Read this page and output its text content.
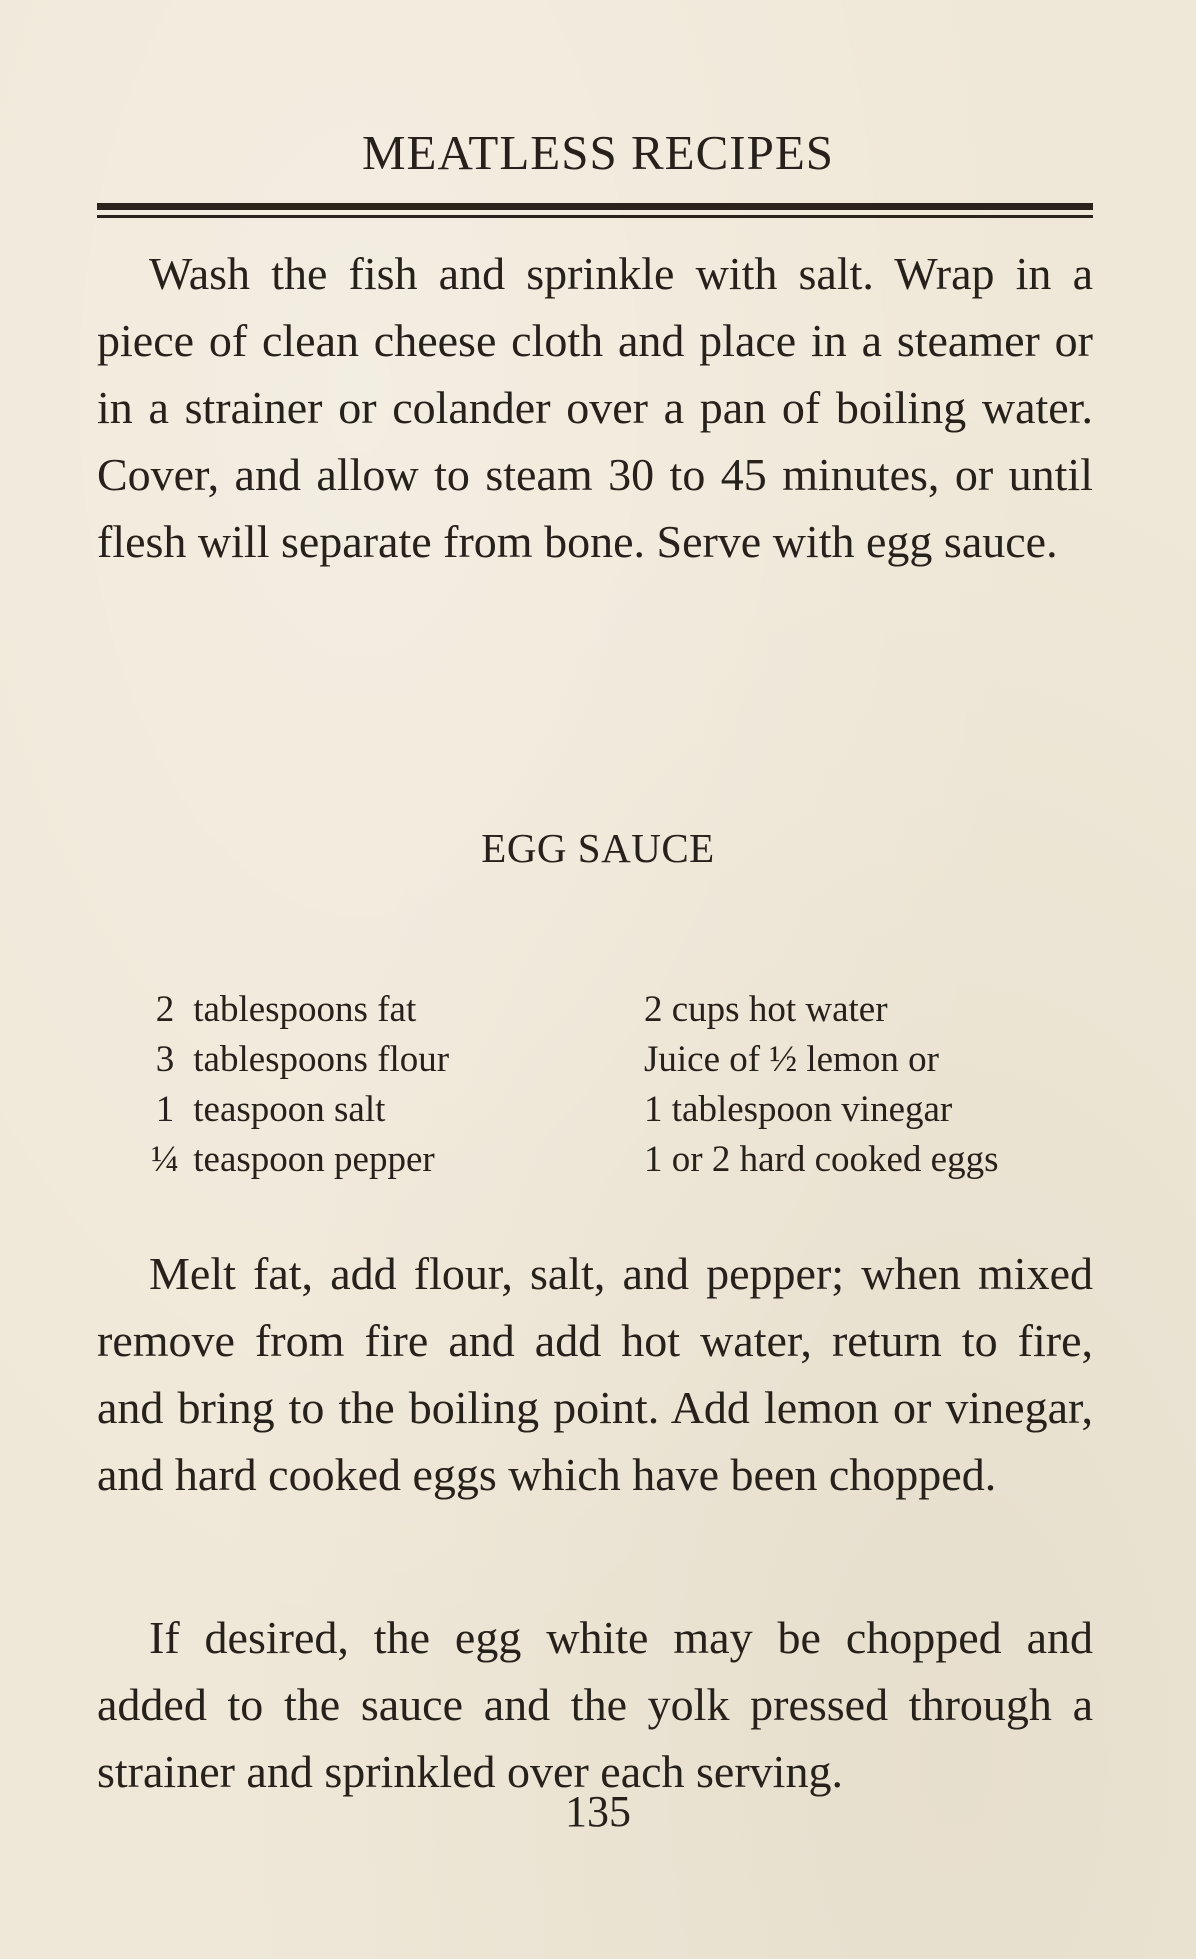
MEATLESS RECIPES

Wash the fish and sprinkle with salt. Wrap in a piece of clean cheese cloth and place in a steamer or in a strainer or colander over a pan of boiling water. Cover, and allow to steam 30 to 45 minutes, or until flesh will separate from bone. Serve with egg sauce.

EGG SAUCE
2 tablespoons fat
3 tablespoons flour
1 teaspoon salt
¼ teaspoon pepper
2 cups hot water
Juice of ½ lemon or
1 tablespoon vinegar
1 or 2 hard cooked eggs

Melt fat, add flour, salt, and pepper; when mixed remove from fire and add hot water, return to fire, and bring to the boiling point. Add lemon or vinegar, and hard cooked eggs which have been chopped.

If desired, the egg white may be chopped and added to the sauce and the yolk pressed through a strainer and sprinkled over each serving.

135
